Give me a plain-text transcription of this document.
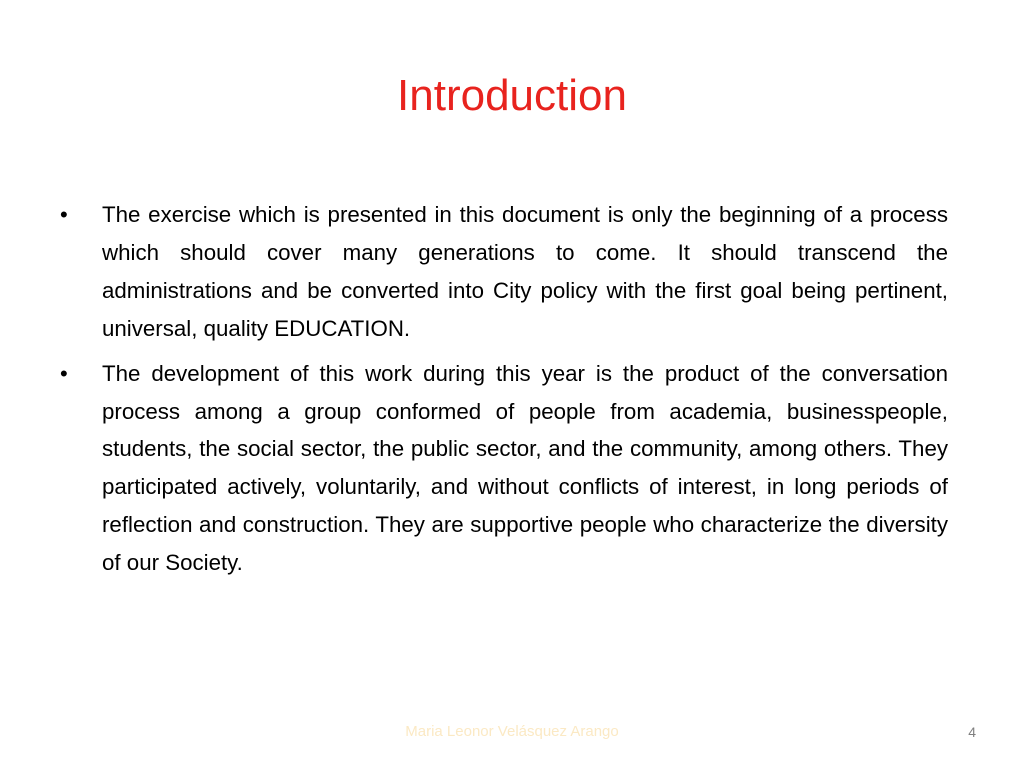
Introduction
• The exercise which is presented in this document is only the beginning of a process which should cover many generations to come. It should transcend the administrations and be converted into City policy with the first goal being pertinent, universal, quality EDUCATION.
• The development of this work during this year is the product of the conversation process among a group conformed of people from academia, businesspeople, students, the social sector, the public sector, and the community, among others. They participated actively, voluntarily, and without conflicts of interest, in long periods of reflection and construction. They are supportive people who characterize the diversity of our Society.
Maria Leonor Velásquez Arango	4
